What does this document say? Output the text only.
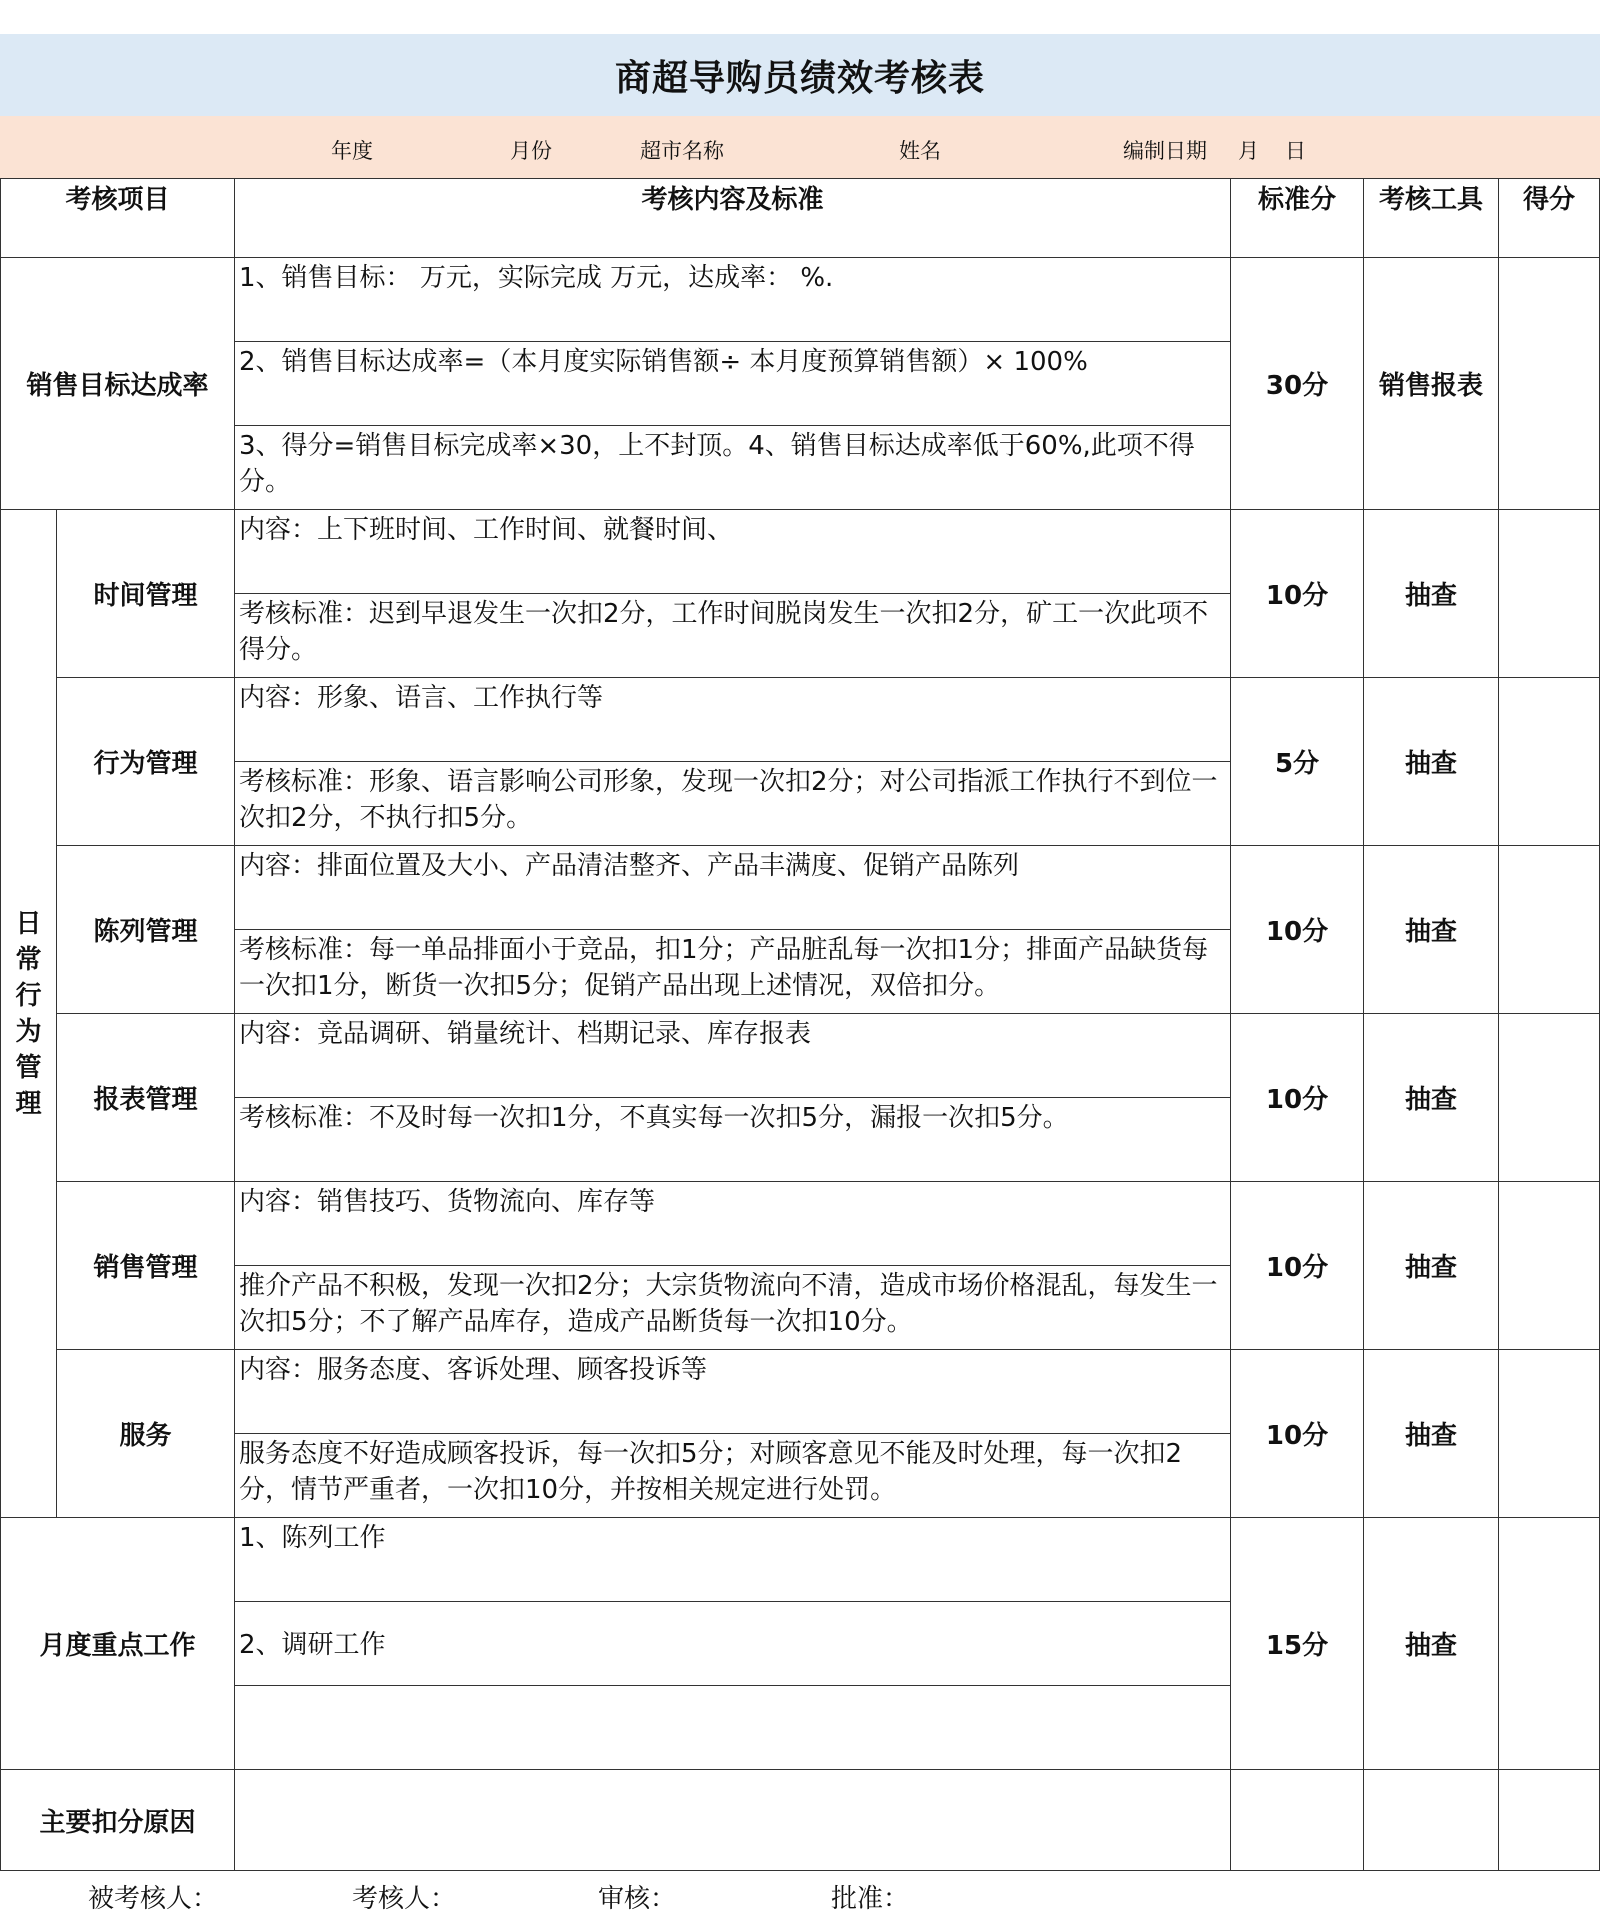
商超导购员绩效考核表
年度	月份	超市名称	姓名	编制日期 月 日
考核项目		考核内容及标准	标准分	考核工具	得分
销售目标达成率		1、销售目标： 万元，实际完成 万元，达成率： %.	30分	销售报表	
		2、销售目标达成率=（本月度实际销售额÷ 本月度预算销售额）× 100%			
		3、得分=销售目标完成率×30，上不封顶。4、销售目标达成率低于60%,此项不得分。			

日常行为管理	时间管理	内容：上下班时间、工作时间、就餐时间、	10分	抽查	
		考核标准：迟到早退发生一次扣2分，工作时间脱岗发生一次扣2分，矿工一次此项不得分。			
	行为管理	内容：形象、语言、工作执行等	5分	抽查	
		考核标准：形象、语言影响公司形象，发现一次扣2分；对公司指派工作执行不到位一次扣2分，不执行扣5分。			
	陈列管理	内容：排面位置及大小、产品清洁整齐、产品丰满度、促销产品陈列	10分	抽查	
		考核标准：每一单品排面小于竞品，扣1分；产品脏乱每一次扣1分；排面产品缺货每一次扣1分，断货一次扣5分；促销产品出现上述情况，双倍扣分。			
	报表管理	内容：竞品调研、销量统计、档期记录、库存报表	10分	抽查	
		考核标准：不及时每一次扣1分，不真实每一次扣5分，漏报一次扣5分。			
	销售管理	内容：销售技巧、货物流向、库存等	10分	抽查	
		推介产品不积极，发现一次扣2分；大宗货物流向不清，造成市场价格混乱，每发生一次扣5分；不了解产品库存，造成产品断货每一次扣10分。			
	服务	内容：服务态度、客诉处理、顾客投诉等	10分	抽查	
		服务态度不好造成顾客投诉，每一次扣5分；对顾客意见不能及时处理，每一次扣2分，情节严重者，一次扣10分，并按相关规定进行处罚。			
月度重点工作		1、陈列工作	15分	抽查	
		2、调研工作			

主要扣分原因					
被考核人：	考核人：	审核：	批准：
